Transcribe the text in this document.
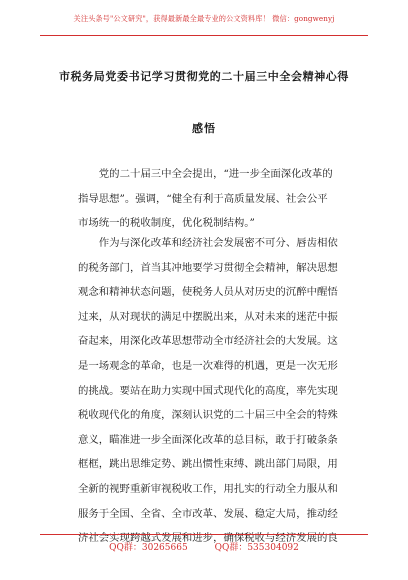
关注头条号"公文研究"，获得最新最全最专业的公文资料库！ 微信：gongwenyj
市税务局党委书记学习贯彻党的二十届三中全会精神心得
感悟

党的二十届三中全会提出，“进一步全面深化改革的
指导思想”。强调，“健全有利于高质量发展、社会公平
市场统一的税收制度，优化税制结构。”

作为与深化改革和经济社会发展密不可分、唇齿相依
的税务部门，首当其冲地要学习贯彻全会精神，解决思想
观念和精神状态问题，使税务人员从对历史的沉醉中醒悟
过来，从对现状的满足中摆脱出来，从对未来的迷茫中振
奋起来，用深化改革思想带动全市经济社会的大发展。这
是一场观念的革命，也是一次难得的机遇，更是一次无形
的挑战。要站在助力实现中国式现代化的高度，率先实现
税收现代化的角度，深刻认识党的二十届三中全会的特殊
意义，瞄准进一步全面深化改革的总目标，敢于打破条条
框框，跳出思维定势、跳出惯性束缚、跳出部门局限，用
全新的视野重新审视税收工作，用扎实的行动全力服从和
服务于全国、全省、全市改革、发展、稳定大局，推动经
济社会实现跨越式发展和进步，确保税收与经济发展的良

QQ群：30265665	QQ群：535304092
